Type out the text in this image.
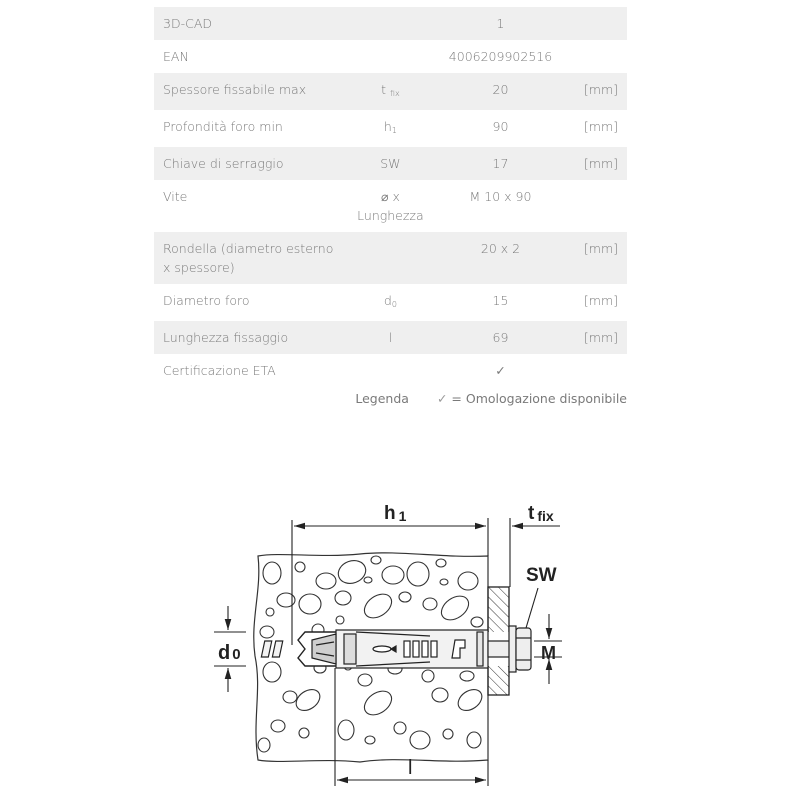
3D-CAD		1	
EAN		4006209902516	
Spessore fissabile max	t $_{fix}$	20	[mm]
Profondità foro min	$h_1$	90	[mm]
Chiave di serraggio	SW	17	[mm]
Vite	⌀ x Lunghezza	M 10 x 90	
Rondella (diametro esterno x spessore)		20 x 2	[mm]
Diametro foro	$d_0$	15	[mm]
Lunghezza fissaggio	l	69	[mm]
Certificazione ETA		✓	
Legenda ✓ = Omologazione disponibile
h 1	t fix
SW
d 0	M
l
